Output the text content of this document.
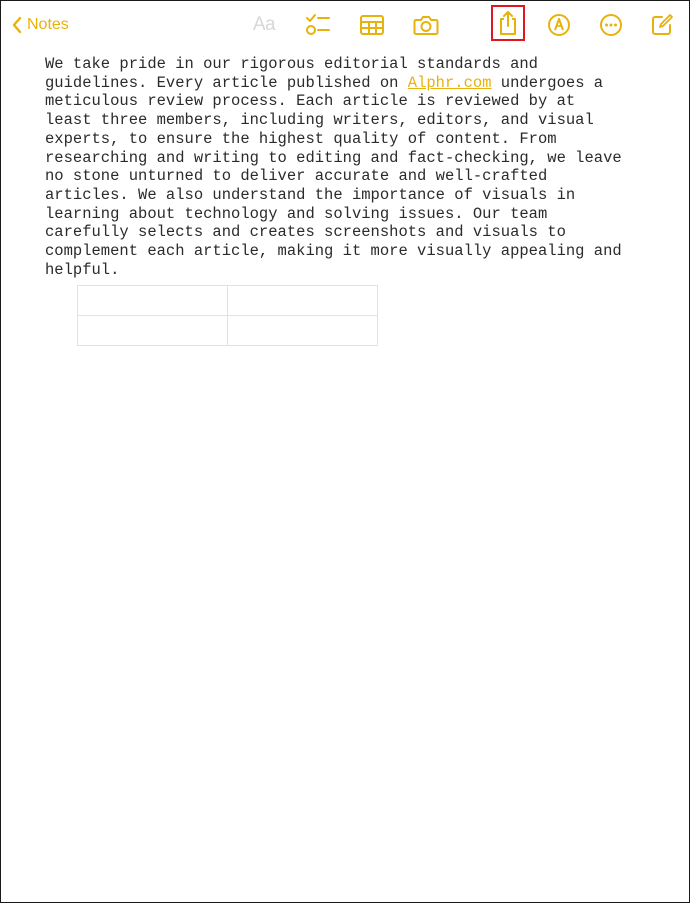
Notes	Aa
We take pride in our rigorous editorial standards and
guidelines. Every article published on Alphr.com undergoes a
meticulous review process. Each article is reviewed by at
least three members, including writers, editors, and visual
experts, to ensure the highest quality of content. From
researching and writing to editing and fact-checking, we leave
no stone unturned to deliver accurate and well-crafted
articles. We also understand the importance of visuals in
learning about technology and solving issues. Our team
carefully selects and creates screenshots and visuals to
complement each article, making it more visually appealing and
helpful.
